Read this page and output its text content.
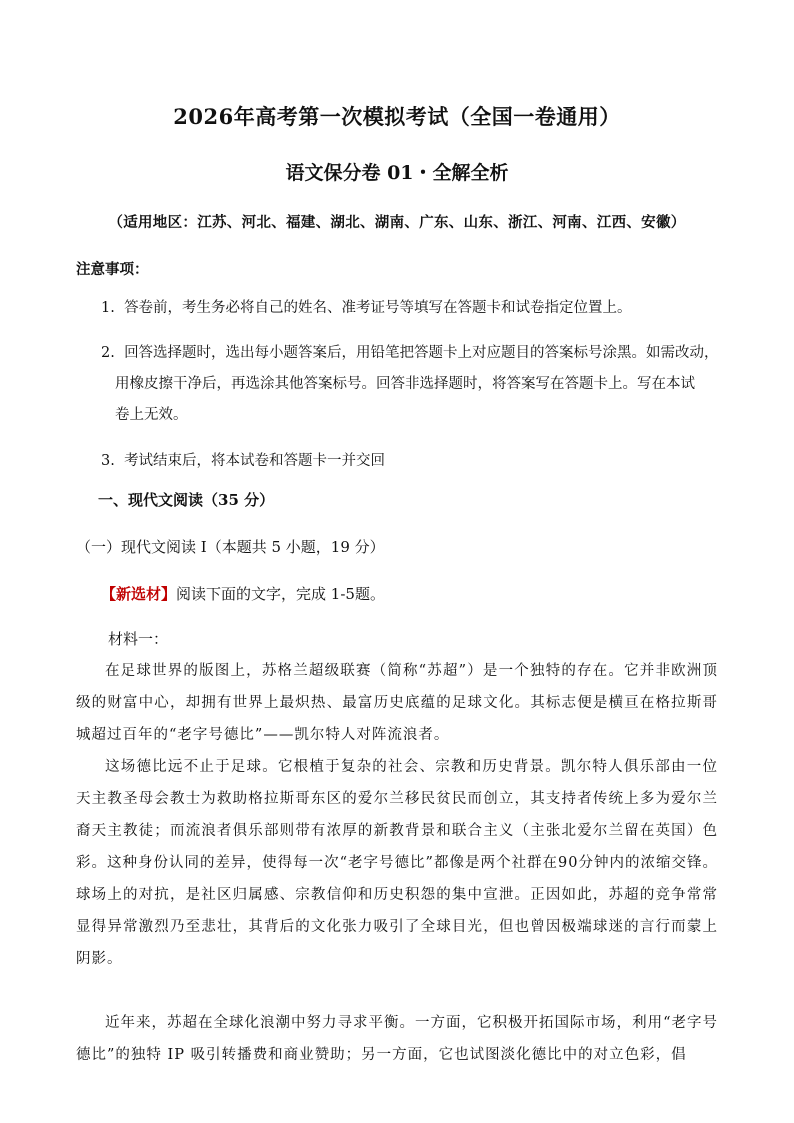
2026年高考第一次模拟考试（全国一卷通用）
语文保分卷 01・全解全析
（适用地区：江苏、河北、福建、湖北、湖南、广东、山东、浙江、河南、江西、安徽）
注意事项：
1. 答卷前，考生务必将自己的姓名、准考证号等填写在答题卡和试卷指定位置上。
2. 回答选择题时，选出每小题答案后，用铅笔把答题卡上对应题目的答案标号涂黑。如需改动，
用橡皮擦干净后，再选涂其他答案标号。回答非选择题时，将答案写在答题卡上。写在本试
卷上无效。
3. 考试结束后，将本试卷和答题卡一并交回
一、现代文阅读（35 分）
（一）现代文阅读 I（本题共 5 小题，19 分）
【新选材】阅读下面的文字，完成 1-5题。
材料一：
在足球世界的版图上，苏格兰超级联赛（简称“苏超”）是一个独特的存在。它并非欧洲顶级的财富中心，却拥有世界上最炽热、最富历史底蕴的足球文化。其标志便是横亘在格拉斯哥城超过百年的“老字号德比”——凯尔特人对阵流浪者。
这场德比远不止于足球。它根植于复杂的社会、宗教和历史背景。凯尔特人俱乐部由一位天主教圣母会教士为救助格拉斯哥东区的爱尔兰移民贫民而创立，其支持者传统上多为爱尔兰裔天主教徒；而流浪者俱乐部则带有浓厚的新教背景和联合主义（主张北爱尔兰留在英国）色彩。这种身份认同的差异，使得每一次“老字号德比”都像是两个社群在90分钟内的浓缩交锋。球场上的对抗，是社区归属感、宗教信仰和历史积怨的集中宣泄。正因如此，苏超的竞争常常显得异常激烈乃至悲壮，其背后的文化张力吸引了全球目光，但也曾因极端球迷的言行而蒙上阴影。
近年来，苏超在全球化浪潮中努力寻求平衡。一方面，它积极开拓国际市场，利用“老字号德比”的独特 IP 吸引转播费和商业赞助；另一方面，它也试图淡化德比中的对立色彩，倡
